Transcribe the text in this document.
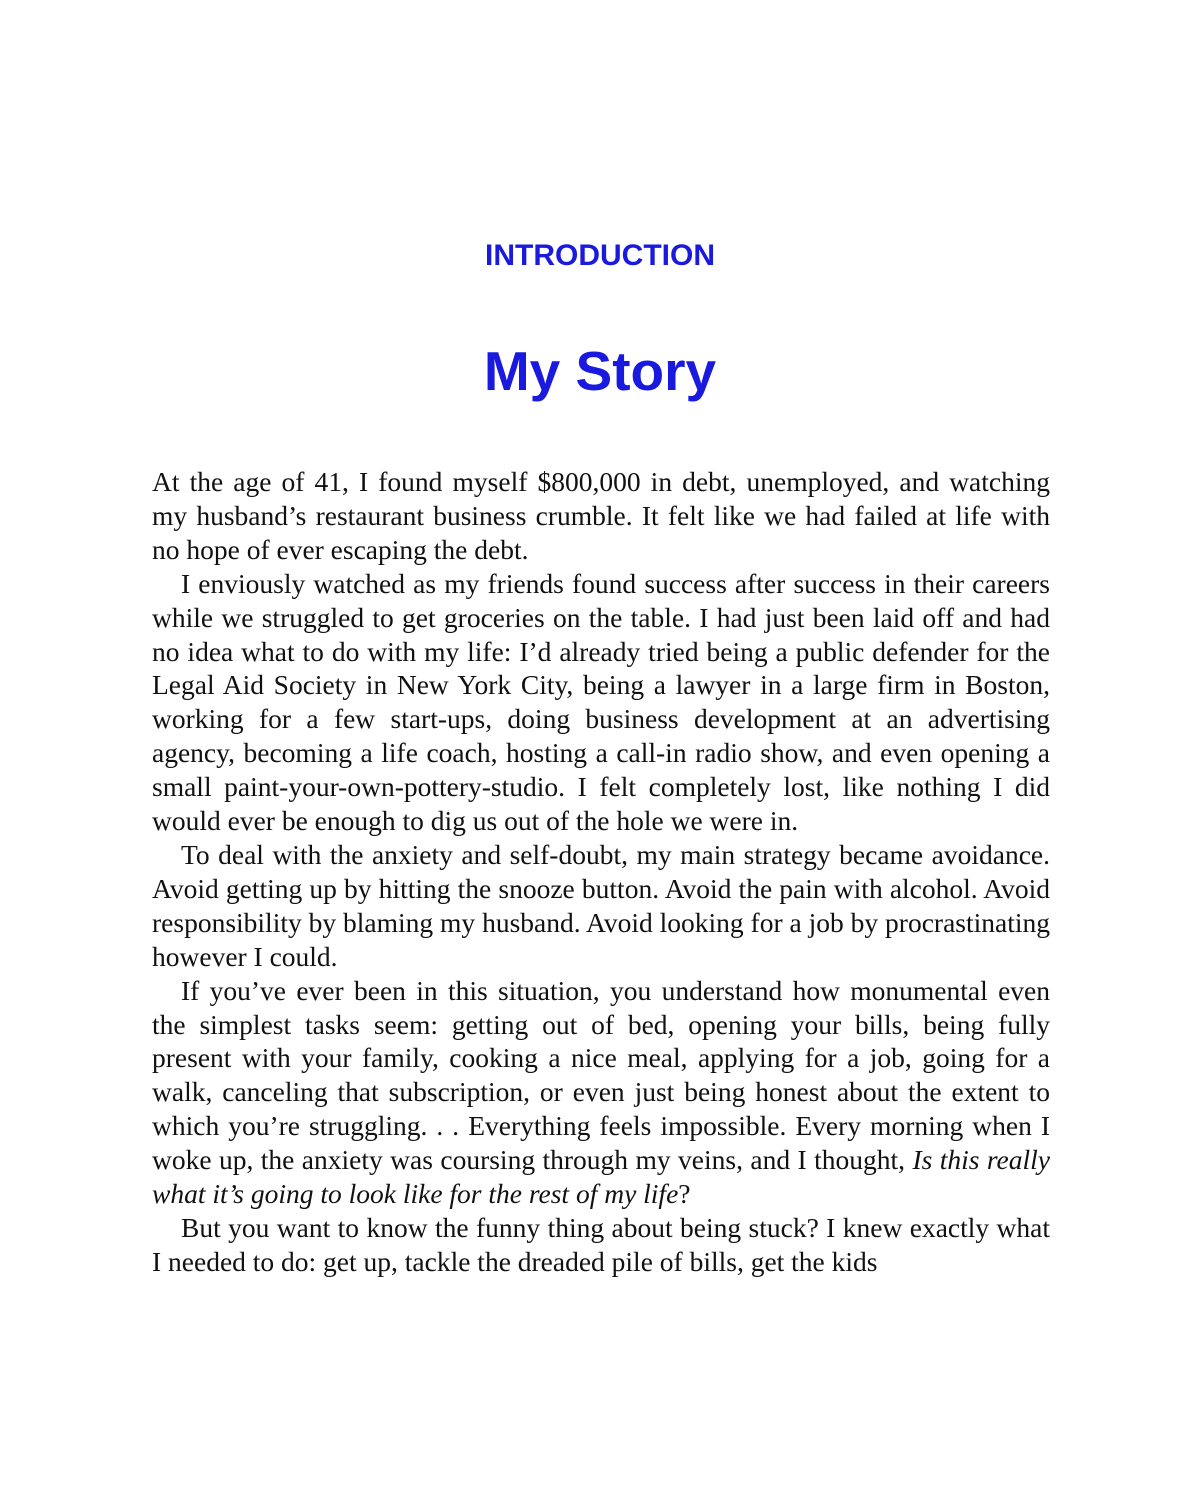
INTRODUCTION
My Story

At the age of 41, I found myself $800,000 in debt, unemployed, and watching my husband’s restaurant business crumble. It felt like we had failed at life with no hope of ever escaping the debt.

I enviously watched as my friends found success after success in their careers while we struggled to get groceries on the table. I had just been laid off and had no idea what to do with my life: I’d already tried being a public defender for the Legal Aid Society in New York City, being a lawyer in a large firm in Boston, working for a few start-ups, doing business development at an advertising agency, becoming a life coach, hosting a call-in radio show, and even opening a small paint-your-own-pottery-studio. I felt completely lost, like nothing I did would ever be enough to dig us out of the hole we were in.

To deal with the anxiety and self-doubt, my main strategy became avoidance. Avoid getting up by hitting the snooze button. Avoid the pain with alcohol. Avoid responsibility by blaming my husband. Avoid looking for a job by procrastinating however I could.

If you’ve ever been in this situation, you understand how monumental even the simplest tasks seem: getting out of bed, opening your bills, being fully present with your family, cooking a nice meal, applying for a job, going for a walk, canceling that subscription, or even just being honest about the extent to which you’re struggling. . . Everything feels impossible. Every morning when I woke up, the anxiety was coursing through my veins, and I thought, Is this really what it’s going to look like for the rest of my life?

But you want to know the funny thing about being stuck? I knew exactly what I needed to do: get up, tackle the dreaded pile of bills, get the kids
